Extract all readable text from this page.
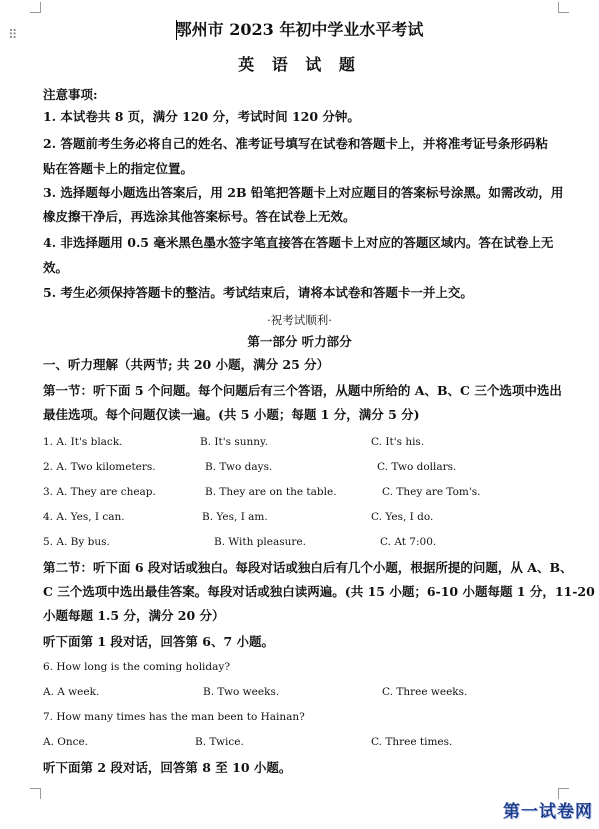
⠿
鄂州市 2023 年初中学业水平考试
英 语 试 题
注意事项:
1. 本试卷共 8 页，满分 120 分，考试时间 120 分钟。
2. 答题前考生务必将自己的姓名、准考证号填写在试卷和答题卡上，并将准考证号条形码粘
贴在答题卡上的指定位置。
3. 选择题每小题选出答案后，用 2B 铅笔把答题卡上对应题目的答案标号涂黑。如需改动，用
橡皮擦干净后，再选涂其他答案标号。答在试卷上无效。
4. 非选择题用 0.5 毫米黑色墨水签字笔直接答在答题卡上对应的答题区域内。答在试卷上无
效。
5. 考生必须保持答题卡的整洁。考试结束后，请将本试卷和答题卡一并上交。
·祝考试顺利·
第一部分 听力部分
一、听力理解（共两节; 共 20 小题，满分 25 分）
第一节：听下面 5 个问题。每个问题后有三个答语，从题中所给的 A、B、C 三个选项中选出
最佳选项。每个问题仅读一遍。(共 5 小题；每题 1 分，满分 5 分)
1. A. It's black.	B. It's sunny.	C. It's his.
2. A. Two kilometers.	B. Two days.	C. Two dollars.
3. A. They are cheap.	B. They are on the table.	C. They are Tom's.
4. A. Yes, I can.	B. Yes, I am.	C. Yes, I do.
5. A. By bus.	B. With pleasure.	C. At 7:00.
第二节：听下面 6 段对话或独白。每段对话或独白后有几个小题，根据所提的问题，从 A、B、
C 三个选项中选出最佳答案。每段对话或独白读两遍。(共 15 小题；6-10 小题每题 1 分，11-20
小题每题 1.5 分，满分 20 分）
听下面第 1 段对话，回答第 6、7 小题。
6. How long is the coming holiday?
A. A week.	B. Two weeks.	C. Three weeks.
7. How many times has the man been to Hainan?
A. Once.	B. Twice.	C. Three times.
听下面第 2 段对话，回答第 8 至 10 小题。
第一试卷网
